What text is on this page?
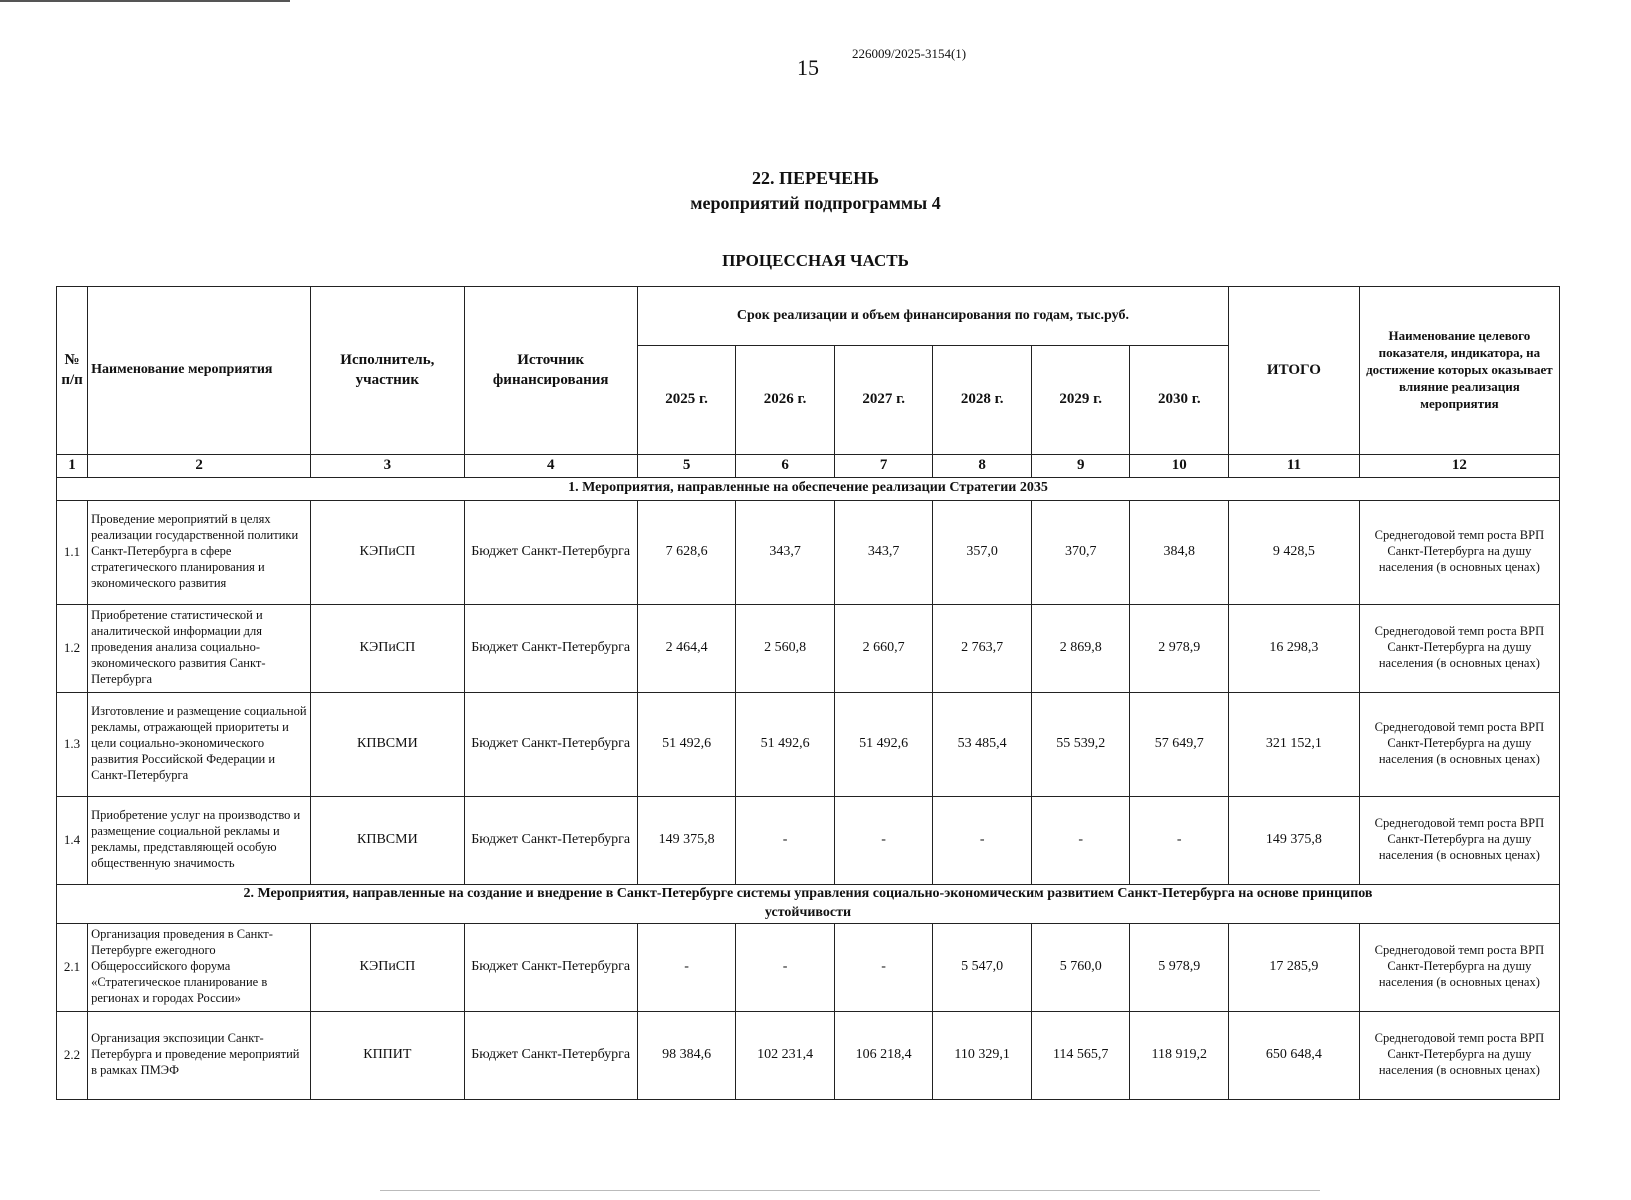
15
226009/2025-3154(1)
22. ПЕРЕЧЕНЬ
мероприятий подпрограммы 4
ПРОЦЕССНАЯ ЧАСТЬ
№ п/п	Наименование мероприятия	Исполнитель, участник	Источник финансирования	Срок реализации и объем финансирования по годам, тыс.руб.						ИТОГО	Наименование целевого показателя, индикатора, на достижение которых оказывает влияние реализация мероприятия
				2025 г.	2026 г.	2027 г.	2028 г.	2029 г.	2030 г.		
1	2	3	4	5	6	7	8	9	10	11	12
1. Мероприятия, направленные на обеспечение реализации Стратегии 2035											
1.1	Проведение мероприятий в целях реализации государственной политики Санкт-Петербурга в сфере стратегического планирования и экономического развития	КЭПиСП	Бюджет Санкт-Петербурга	7 628,6	343,7	343,7	357,0	370,7	384,8	9 428,5	Среднегодовой темп роста ВРП Санкт-Петербурга на душу населения (в основных ценах)
1.2	Приобретение статистической и аналитической информации для проведения анализа социально-экономического развития Санкт-Петербурга	КЭПиСП	Бюджет Санкт-Петербурга	2 464,4	2 560,8	2 660,7	2 763,7	2 869,8	2 978,9	16 298,3	Среднегодовой темп роста ВРП Санкт-Петербурга на душу населения (в основных ценах)
1.3	Изготовление и размещение социальной рекламы, отражающей приоритеты и цели социально-экономического развития Российской Федерации и Санкт-Петербурга	КПВСМИ	Бюджет Санкт-Петербурга	51 492,6	51 492,6	51 492,6	53 485,4	55 539,2	57 649,7	321 152,1	Среднегодовой темп роста ВРП Санкт-Петербурга на душу населения (в основных ценах)
1.4	Приобретение услуг на производство и размещение социальной рекламы и рекламы, представляющей особую общественную значимость	КПВСМИ	Бюджет Санкт-Петербурга	149 375,8	-	-	-	-	-	149 375,8	Среднегодовой темп роста ВРП Санкт-Петербурга на душу населения (в основных ценах)
2. Мероприятия, направленные на создание и внедрение в Санкт-Петербурге системы управления социально-экономическим развитием Санкт-Петербурга на основе принципов устойчивости											
2.1	Организация проведения в Санкт-Петербурге ежегодного Общероссийского форума «Стратегическое планирование в регионах и городах России»	КЭПиСП	Бюджет Санкт-Петербурга	-	-	-	5 547,0	5 760,0	5 978,9	17 285,9	Среднегодовой темп роста ВРП Санкт-Петербурга на душу населения (в основных ценах)
2.2	Организация экспозиции Санкт-Петербурга и проведение мероприятий в рамках ПМЭФ	КППИТ	Бюджет Санкт-Петербурга	98 384,6	102 231,4	106 218,4	110 329,1	114 565,7	118 919,2	650 648,4	Среднегодовой темп роста ВРП Санкт-Петербурга на душу населения (в основных ценах)
